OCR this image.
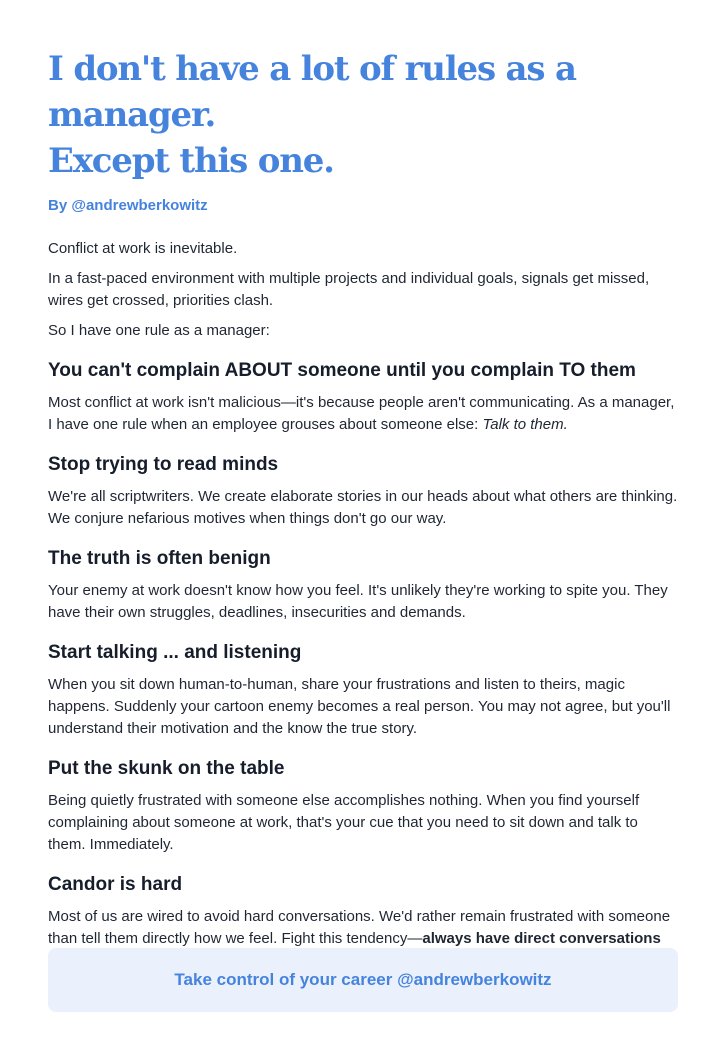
I don't have a lot of rules as a manager.
Except this one.
By @andrewberkowitz

Conflict at work is inevitable.

In a fast-paced environment with multiple projects and individual goals, signals get missed, wires get crossed, priorities clash.

So I have one rule as a manager:

You can't complain ABOUT someone until you complain TO them

Most conflict at work isn't malicious—it's because people aren't communicating. As a manager, I have one rule when an employee grouses about someone else: Talk to them.

Stop trying to read minds

We're all scriptwriters. We create elaborate stories in our heads about what others are thinking. We conjure nefarious motives when things don't go our way.

The truth is often benign

Your enemy at work doesn't know how you feel. It's unlikely they're working to spite you. They have their own struggles, deadlines, insecurities and demands.

Start talking ... and listening

When you sit down human-to-human, share your frustrations and listen to theirs, magic happens. Suddenly your cartoon enemy becomes a real person. You may not agree, but you'll understand their motivation and the know the true story.

Put the skunk on the table

Being quietly frustrated with someone else accomplishes nothing. When you find yourself complaining about someone at work, that's your cue that you need to sit down and talk to them. Immediately.

Candor is hard

Most of us are wired to avoid hard conversations. We'd rather remain frustrated with someone than tell them directly how we feel. Fight this tendency—always have direct conversations

Take control of your career @andrewberkowitz
